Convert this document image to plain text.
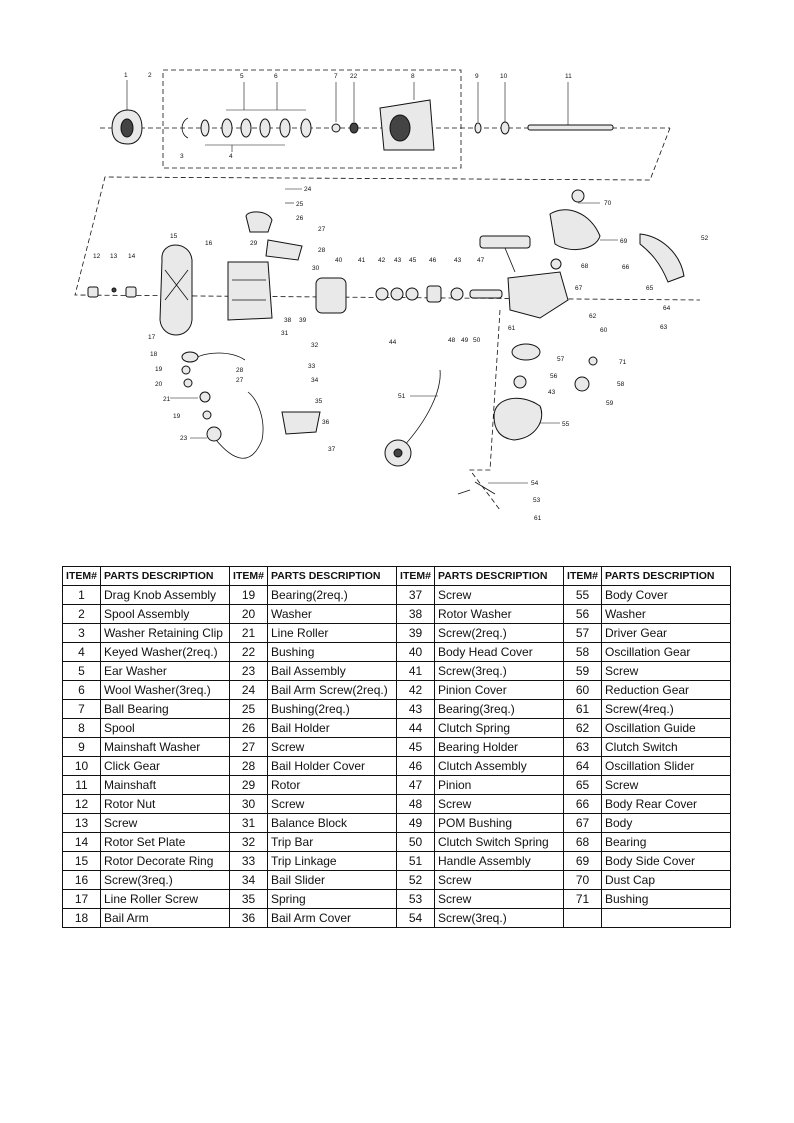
1	2
3	4
5	6	7 22	8	9	10	11
24
25
26
27
28
29
30
15
16
12 13 14
38 39
40 41 42 43 45 46	43 47
17
31
32
18
19	28
27
20
33
34
21	35
19
36
23
37
44	48 49 50
51
70
69	52
68	66
65
67
64
62
60
61	63
57	71
56
58
43
59
55
54
53
61
ITEM#	PARTS DESCRIPTION	ITEM#	PARTS DESCRIPTION	ITEM#	PARTS DESCRIPTION	ITEM#	PARTS DESCRIPTION
1	Drag Knob Assembly	19	Bearing(2req.)	37	Screw	55	Body Cover
2	Spool Assembly	20	Washer	38	Rotor Washer	56	Washer
3	Washer Retaining Clip	21	Line Roller	39	Screw(2req.)	57	Driver Gear
4	Keyed Washer(2req.)	22	Bushing	40	Body Head Cover	58	Oscillation Gear
5	Ear Washer	23	Bail Assembly	41	Screw(3req.)	59	Screw
6	Wool Washer(3req.)	24	Bail Arm Screw(2req.)	42	Pinion Cover	60	Reduction Gear
7	Ball Bearing	25	Bushing(2req.)	43	Bearing(3req.)	61	Screw(4req.)
8	Spool	26	Bail Holder	44	Clutch Spring	62	Oscillation Guide
9	Mainshaft Washer	27	Screw	45	Bearing Holder	63	Clutch Switch
10	Click Gear	28	Bail Holder Cover	46	Clutch Assembly	64	Oscillation Slider
11	Mainshaft	29	Rotor	47	Pinion	65	Screw
12	Rotor Nut	30	Screw	48	Screw	66	Body Rear Cover
13	Screw	31	Balance Block	49	POM Bushing	67	Body
14	Rotor Set Plate	32	Trip Bar	50	Clutch Switch Spring	68	Bearing
15	Rotor Decorate Ring	33	Trip Linkage	51	Handle Assembly	69	Body Side Cover
16	Screw(3req.)	34	Bail Slider	52	Screw	70	Dust Cap
17	Line Roller Screw	35	Spring	53	Screw	71	Bushing
18	Bail Arm	36	Bail Arm Cover	54	Screw(3req.)		
